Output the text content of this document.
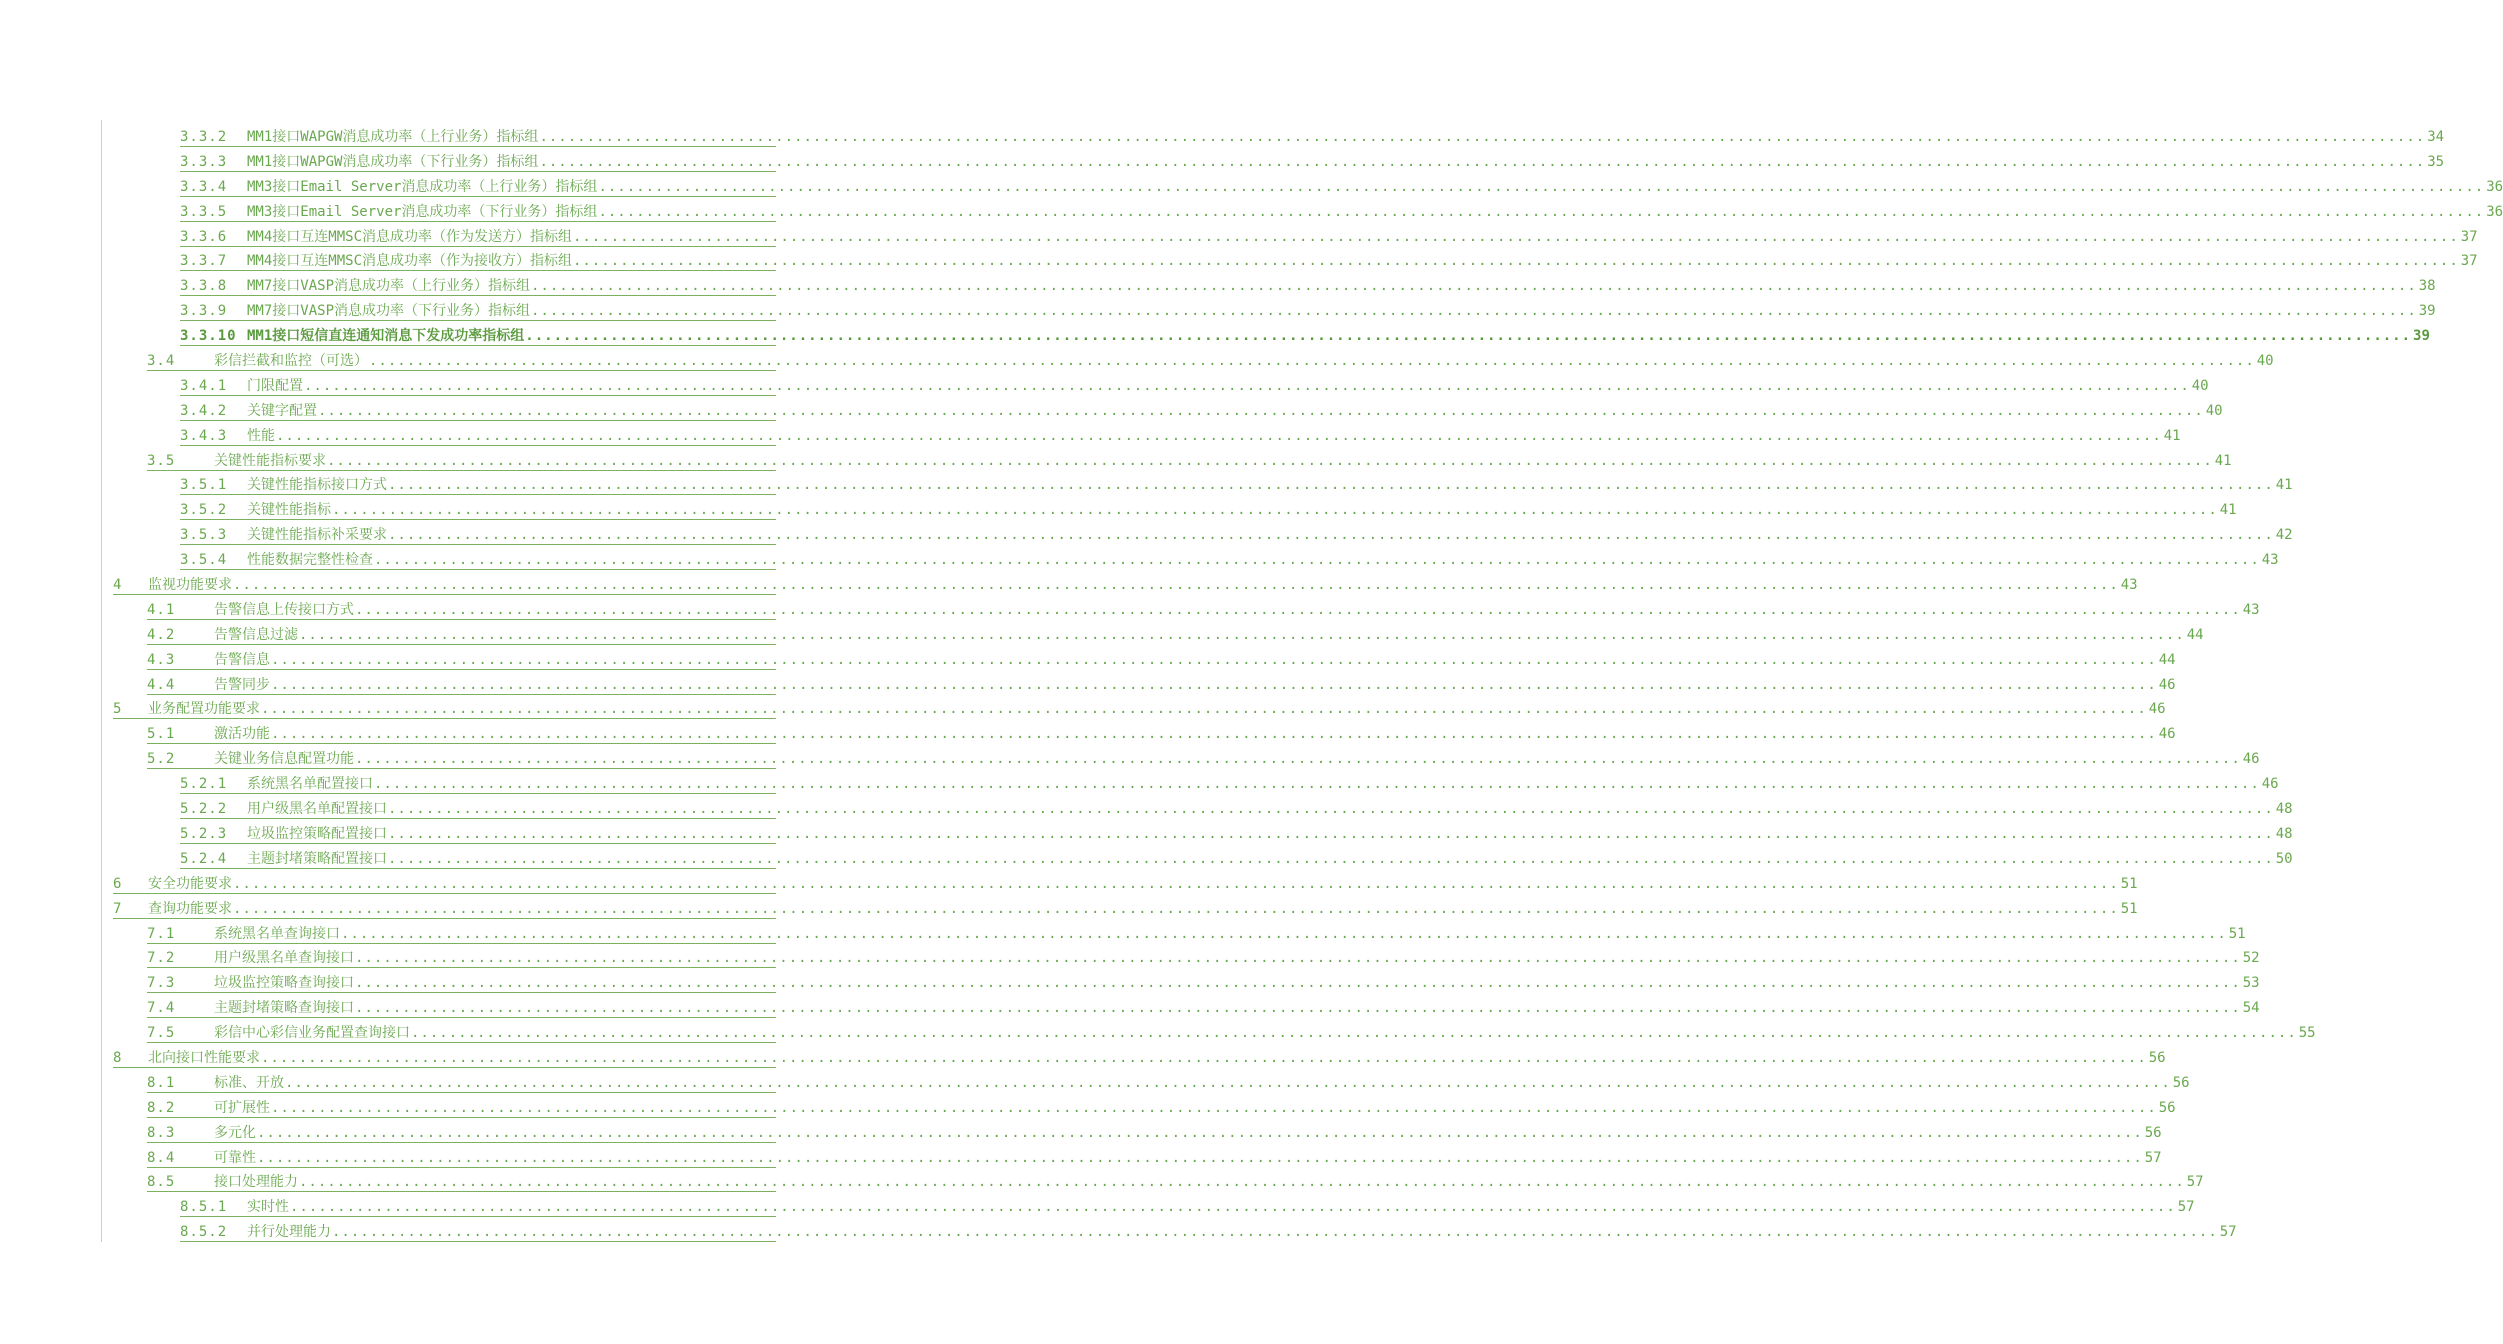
3.3.2	MM1接口WAPGW消息成功率（上行业务）指标组 ........................................................................................................................................................................................................ 34
3.3.3	MM1接口WAPGW消息成功率（下行业务）指标组 ........................................................................................................................................................................................................ 35
3.3.4	MM3接口Email Server消息成功率（上行业务）指标组 ........................................................................................................................................................................................................ 36
3.3.5	MM3接口Email Server消息成功率（下行业务）指标组 ........................................................................................................................................................................................................ 36
3.3.6	MM4接口互连MMSC消息成功率（作为发送方）指标组 ........................................................................................................................................................................................................ 37
3.3.7	MM4接口互连MMSC消息成功率（作为接收方）指标组 ........................................................................................................................................................................................................ 37
3.3.8	MM7接口VASP消息成功率（上行业务）指标组 ........................................................................................................................................................................................................ 38
3.3.9	MM7接口VASP消息成功率（下行业务）指标组 ........................................................................................................................................................................................................ 39
3.3.10 MM1接口短信直连通知消息下发成功率指标组 ........................................................................................................................................................................................................ 39
3.4	彩信拦截和监控（可选） ........................................................................................................................................................................................................ 40
3.4.1	门限配置 ........................................................................................................................................................................................................ 40
3.4.2	关键字配置 ........................................................................................................................................................................................................ 40
3.4.3	性能 ........................................................................................................................................................................................................ 41
3.5	关键性能指标要求 ........................................................................................................................................................................................................ 41
3.5.1	关键性能指标接口方式 ........................................................................................................................................................................................................ 41
3.5.2	关键性能指标 ........................................................................................................................................................................................................ 41
3.5.3	关键性能指标补采要求 ........................................................................................................................................................................................................ 42
3.5.4	性能数据完整性检查 ........................................................................................................................................................................................................ 43
4	监视功能要求 ........................................................................................................................................................................................................ 43
4.1	告警信息上传接口方式 ........................................................................................................................................................................................................ 43
4.2	告警信息过滤 ........................................................................................................................................................................................................ 44
4.3	告警信息 ........................................................................................................................................................................................................ 44
4.4	告警同步 ........................................................................................................................................................................................................ 46
5	业务配置功能要求 ........................................................................................................................................................................................................ 46
5.1	激活功能 ........................................................................................................................................................................................................ 46
5.2	关键业务信息配置功能 ........................................................................................................................................................................................................ 46
5.2.1	系统黑名单配置接口 ........................................................................................................................................................................................................ 46
5.2.2	用户级黑名单配置接口 ........................................................................................................................................................................................................ 48
5.2.3	垃圾监控策略配置接口 ........................................................................................................................................................................................................ 48
5.2.4	主题封堵策略配置接口 ........................................................................................................................................................................................................ 50
6	安全功能要求 ........................................................................................................................................................................................................ 51
7	查询功能要求 ........................................................................................................................................................................................................ 51
7.1	系统黑名单查询接口 ........................................................................................................................................................................................................ 51
7.2	用户级黑名单查询接口 ........................................................................................................................................................................................................ 52
7.3	垃圾监控策略查询接口 ........................................................................................................................................................................................................ 53
7.4	主题封堵策略查询接口 ........................................................................................................................................................................................................ 54
7.5	彩信中心彩信业务配置查询接口 ........................................................................................................................................................................................................ 55
8	北向接口性能要求 ........................................................................................................................................................................................................ 56
8.1	标准、开放 ........................................................................................................................................................................................................ 56
8.2	可扩展性 ........................................................................................................................................................................................................ 56
8.3	多元化 ........................................................................................................................................................................................................ 56
8.4	可靠性 ........................................................................................................................................................................................................ 57
8.5	接口处理能力 ........................................................................................................................................................................................................ 57
8.5.1	实时性 ........................................................................................................................................................................................................ 57
8.5.2	并行处理能力 ........................................................................................................................................................................................................ 57
